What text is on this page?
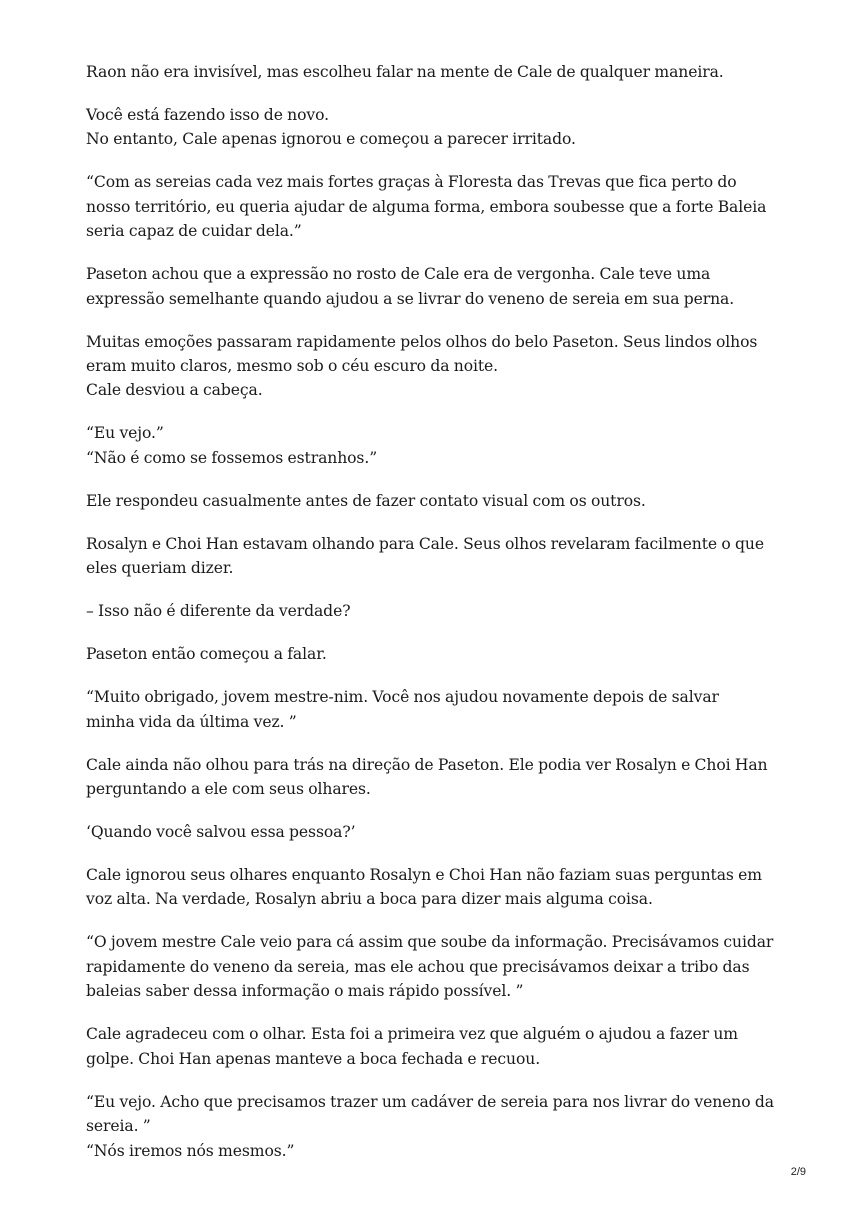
Raon não era invisível, mas escolheu falar na mente de Cale de qualquer maneira.

Você está fazendo isso de novo.
No entanto, Cale apenas ignorou e começou a parecer irritado.

“Com as sereias cada vez mais fortes graças à Floresta das Trevas que fica perto do
nosso território, eu queria ajudar de alguma forma, embora soubesse que a forte Baleia
seria capaz de cuidar dela.”

Paseton achou que a expressão no rosto de Cale era de vergonha. Cale teve uma
expressão semelhante quando ajudou a se livrar do veneno de sereia em sua perna.

Muitas emoções passaram rapidamente pelos olhos do belo Paseton. Seus lindos olhos
eram muito claros, mesmo sob o céu escuro da noite.
Cale desviou a cabeça.

“Eu vejo.”
“Não é como se fossemos estranhos.”

Ele respondeu casualmente antes de fazer contato visual com os outros.

Rosalyn e Choi Han estavam olhando para Cale. Seus olhos revelaram facilmente o que
eles queriam dizer.

– Isso não é diferente da verdade?

Paseton então começou a falar.

“Muito obrigado, jovem mestre-nim. Você nos ajudou novamente depois de salvar
minha vida da última vez. ”

Cale ainda não olhou para trás na direção de Paseton. Ele podia ver Rosalyn e Choi Han
perguntando a ele com seus olhares.

‘Quando você salvou essa pessoa?’

Cale ignorou seus olhares enquanto Rosalyn e Choi Han não faziam suas perguntas em
voz alta. Na verdade, Rosalyn abriu a boca para dizer mais alguma coisa.

“O jovem mestre Cale veio para cá assim que soube da informação. Precisávamos cuidar
rapidamente do veneno da sereia, mas ele achou que precisávamos deixar a tribo das
baleias saber dessa informação o mais rápido possível. ”

Cale agradeceu com o olhar. Esta foi a primeira vez que alguém o ajudou a fazer um
golpe. Choi Han apenas manteve a boca fechada e recuou.

“Eu vejo. Acho que precisamos trazer um cadáver de sereia para nos livrar do veneno da
sereia. ”
“Nós iremos nós mesmos.”

2/9
